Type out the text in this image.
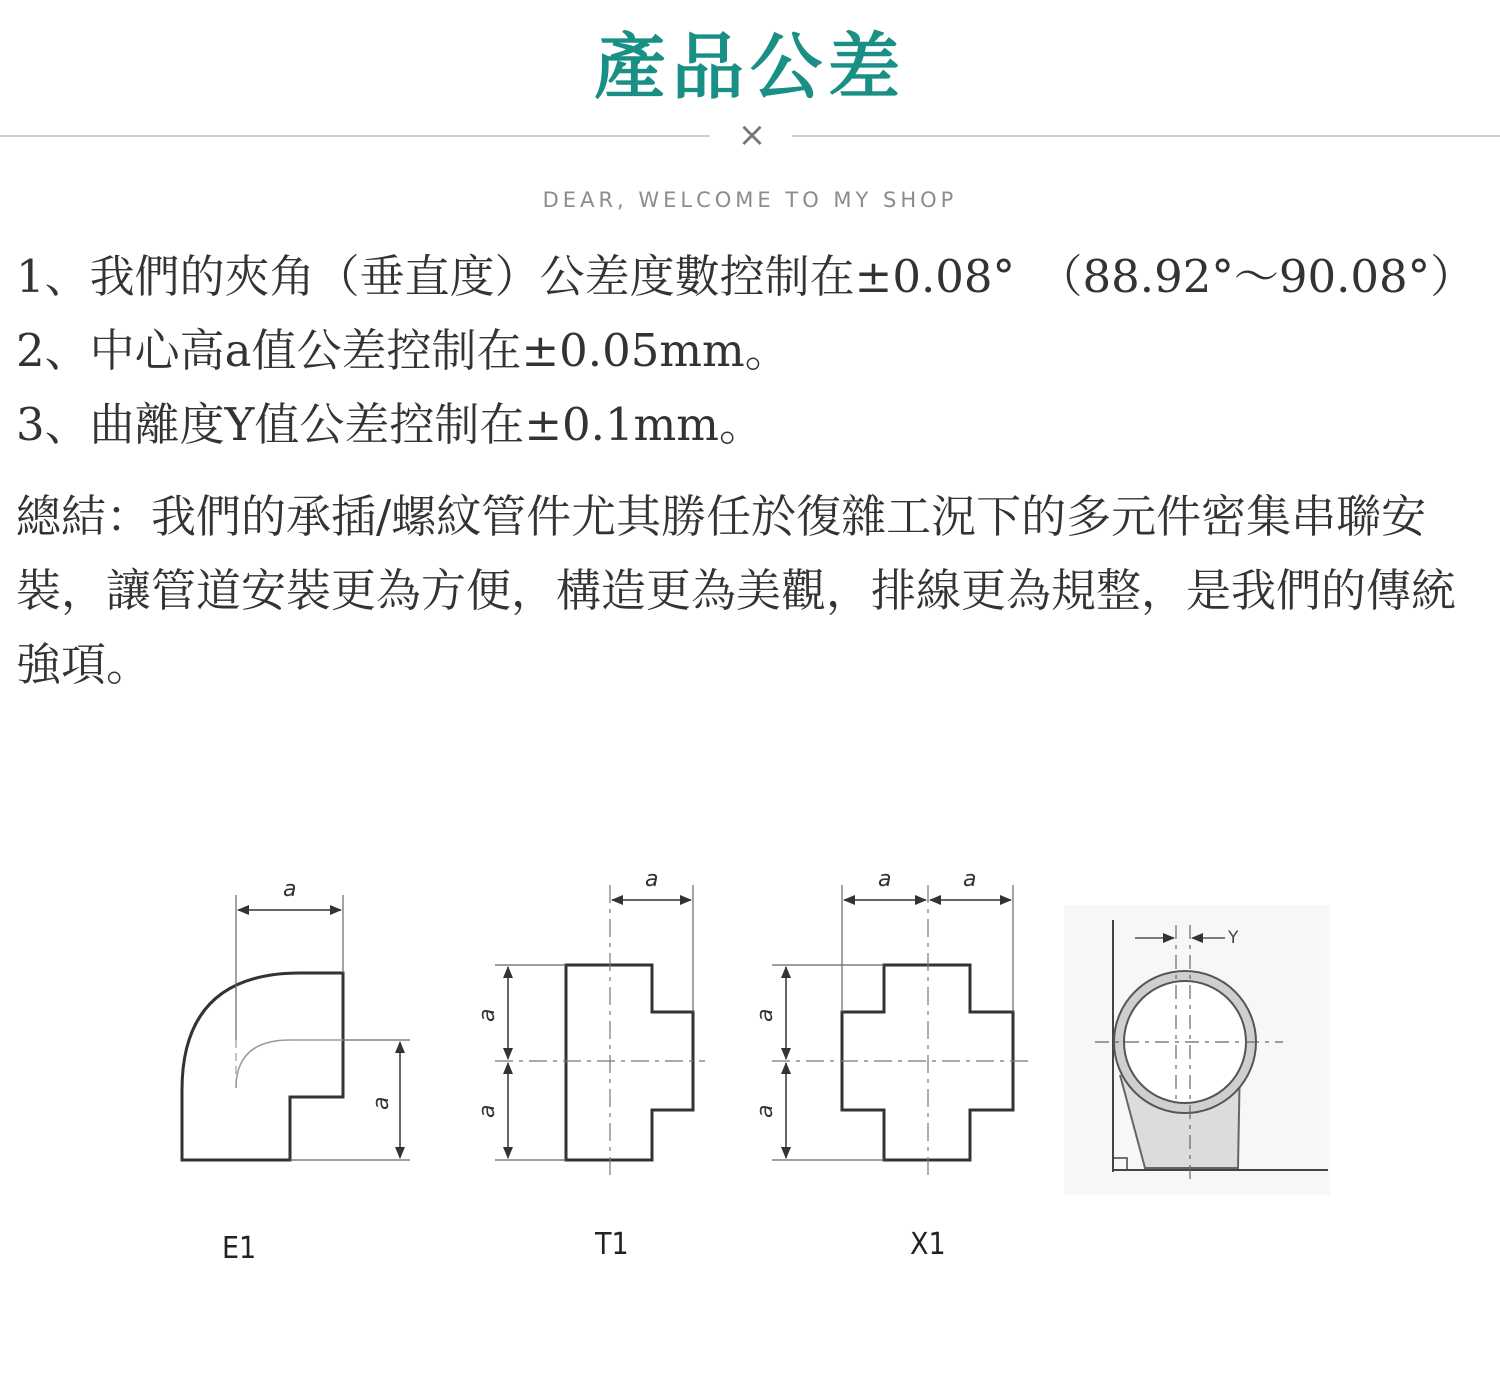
產品公差
×
DEAR, WELCOME TO MY SHOP

1、我們的夾角（垂直度）公差度數控制在±0.08°　（88.92°～90.08°）

2、中心高a值公差控制在±0.05mm。

3、曲離度Y值公差控制在±0.1mm。

總結：我們的承插/螺紋管件尤其勝任於復雜工況下的多元件密集串聯安裝，讓管道安裝更為方便，構造更為美觀，排線更為規整，是我們的傳統強項。

a
a
E1
a
a
a
T1
a	a
a
a
X1
Y
